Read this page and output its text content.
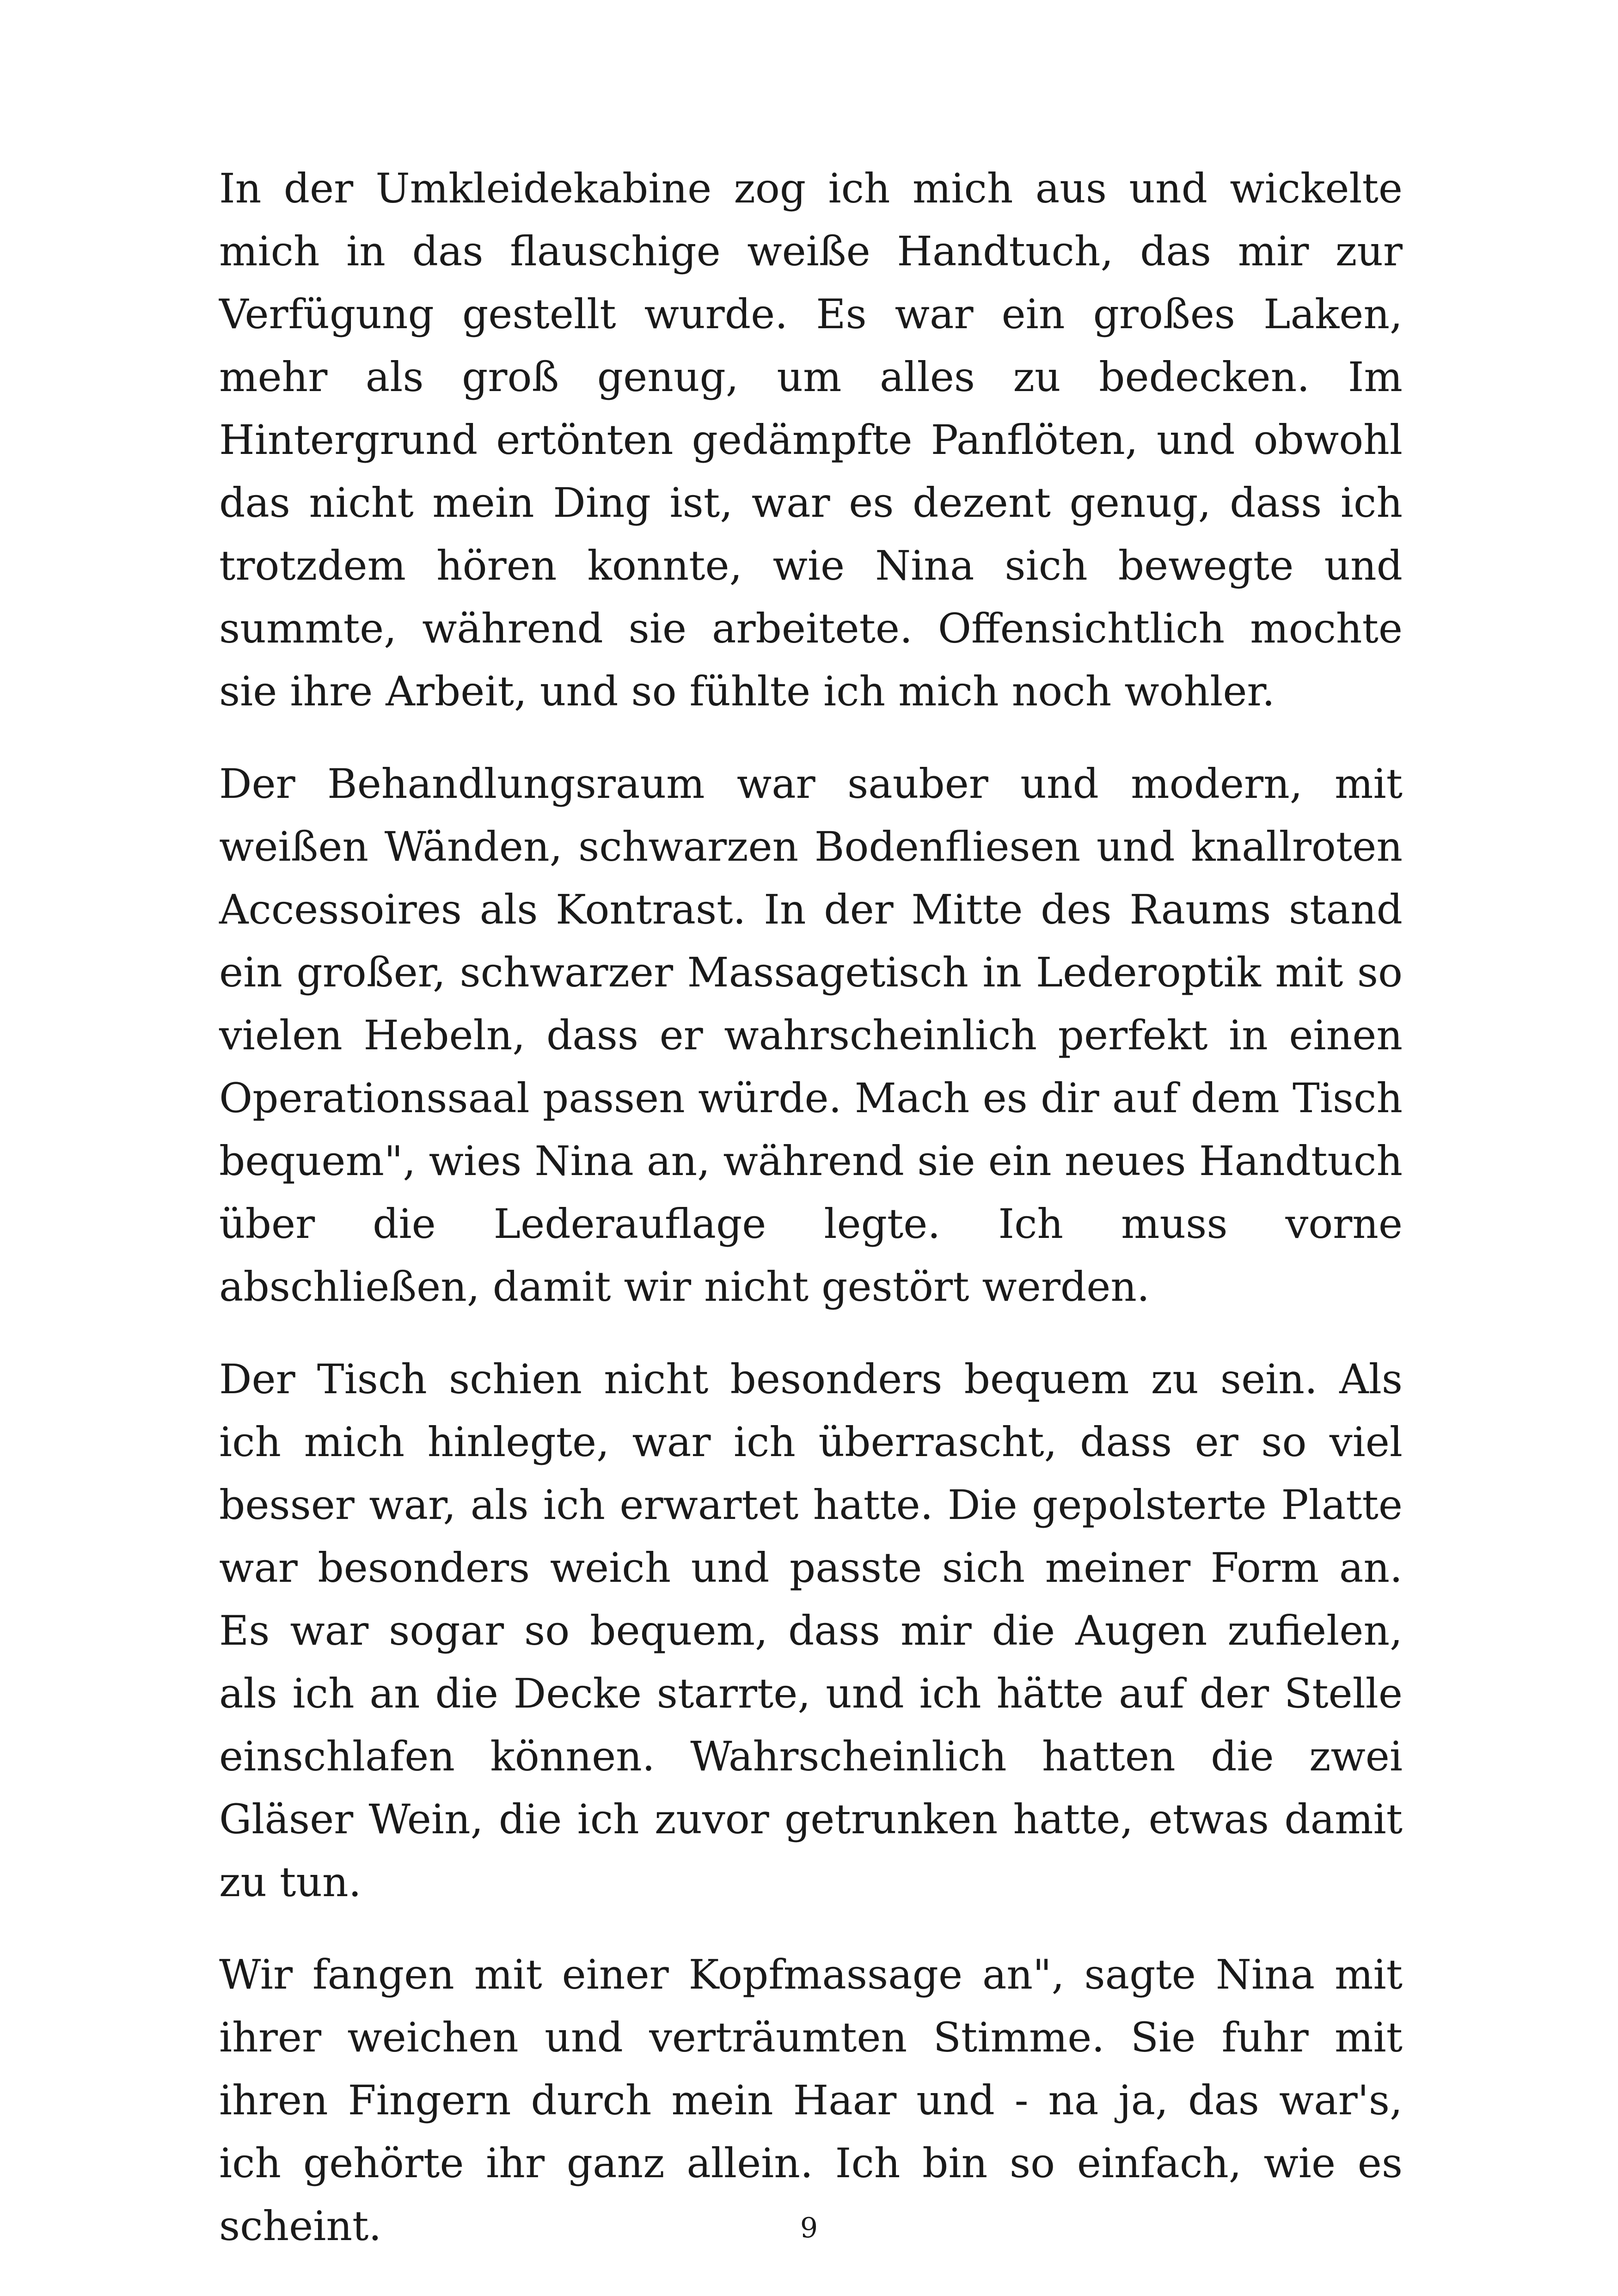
In der Umkleidekabine zog ich mich aus und wickelte mich in das flauschige weiße Handtuch, das mir zur Verfügung gestellt wurde. Es war ein großes Laken, mehr als groß genug, um alles zu bedecken. Im Hintergrund ertönten gedämpfte Panflöten, und obwohl das nicht mein Ding ist, war es dezent genug, dass ich trotzdem hören konnte, wie Nina sich bewegte und summte, während sie arbeitete. Offensichtlich mochte sie ihre Arbeit, und so fühlte ich mich noch wohler.

Der Behandlungsraum war sauber und modern, mit weißen Wänden, schwarzen Bodenfliesen und knallroten Accessoires als Kontrast. In der Mitte des Raums stand ein großer, schwarzer Massagetisch in Lederoptik mit so vielen Hebeln, dass er wahrscheinlich perfekt in einen Operationssaal passen würde. Mach es dir auf dem Tisch bequem", wies Nina an, während sie ein neues Handtuch über die Lederauflage legte. Ich muss vorne abschließen, damit wir nicht gestört werden.

Der Tisch schien nicht besonders bequem zu sein. Als ich mich hinlegte, war ich überrascht, dass er so viel besser war, als ich erwartet hatte. Die gepolsterte Platte war besonders weich und passte sich meiner Form an. Es war sogar so bequem, dass mir die Augen zufielen, als ich an die Decke starrte, und ich hätte auf der Stelle einschlafen können. Wahrscheinlich hatten die zwei Gläser Wein, die ich zuvor getrunken hatte, etwas damit zu tun.

Wir fangen mit einer Kopfmassage an", sagte Nina mit ihrer weichen und verträumten Stimme. Sie fuhr mit ihren Fingern durch mein Haar und - na ja, das war's, ich gehörte ihr ganz allein. Ich bin so einfach, wie es scheint.	9
